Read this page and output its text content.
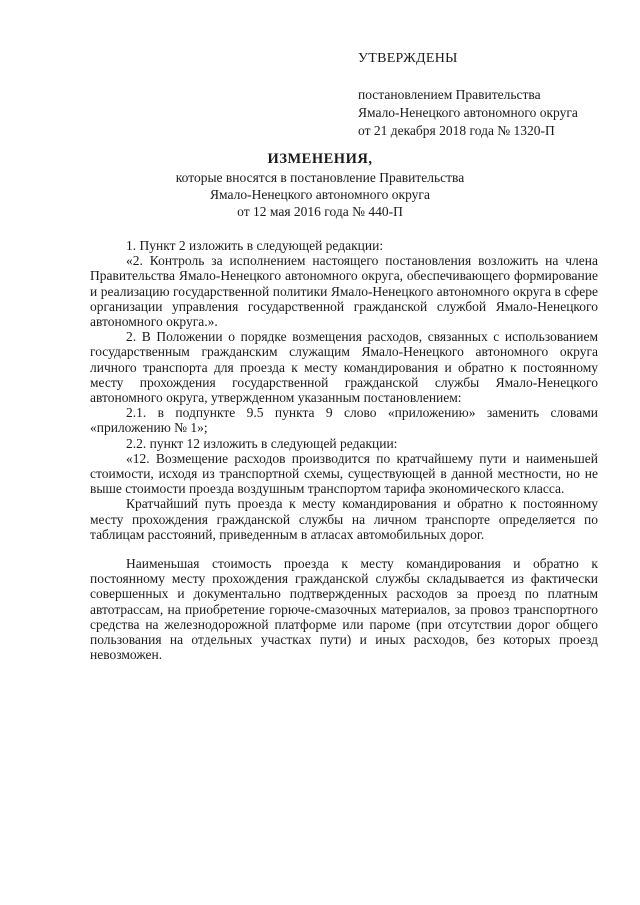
УТВЕРЖДЕНЫ
постановлением Правительства
Ямало-Ненецкого автономного округа
от 21 декабря 2018 года № 1320-П
ИЗМЕНЕНИЯ,
которые вносятся в постановление Правительства
Ямало-Ненецкого автономного округа
от 12 мая 2016 года № 440-П

1. Пункт 2 изложить в следующей редакции:

«2. Контроль за исполнением настоящего постановления возложить на члена Правительства Ямало-Ненецкого автономного округа, обеспечивающего формирование и реализацию государственной политики Ямало-Ненецкого автономного округа в сфере организации управления государственной гражданской службой Ямало-Ненецкого автономного округа.».

2. В Положении о порядке возмещения расходов, связанных с использованием государственным гражданским служащим Ямало-Ненецкого автономного округа личного транспорта для проезда к месту командирования и обратно к постоянному месту прохождения государственной гражданской службы Ямало-Ненецкого автономного округа, утвержденном указанным постановлением:

2.1. в подпункте 9.5 пункта 9 слово «приложению» заменить словами «приложению № 1»;

2.2. пункт 12 изложить в следующей редакции:

«12. Возмещение расходов производится по кратчайшему пути и наименьшей стоимости, исходя из транспортной схемы, существующей в данной местности, но не выше стоимости проезда воздушным транспортом тарифа экономического класса.

Кратчайший путь проезда к месту командирования и обратно к постоянному месту прохождения гражданской службы на личном транспорте определяется по таблицам расстояний, приведенным в атласах автомобильных дорог.

Наименьшая стоимость проезда к месту командирования и обратно к постоянному месту прохождения гражданской службы складывается из фактически совершенных и документально подтвержденных расходов за проезд по платным автотрассам, на приобретение горюче-смазочных материалов, за провоз транспортного средства на железнодорожной платформе или пароме (при отсутствии дорог общего пользования на отдельных участках пути) и иных расходов, без которых проезд невозможен.
